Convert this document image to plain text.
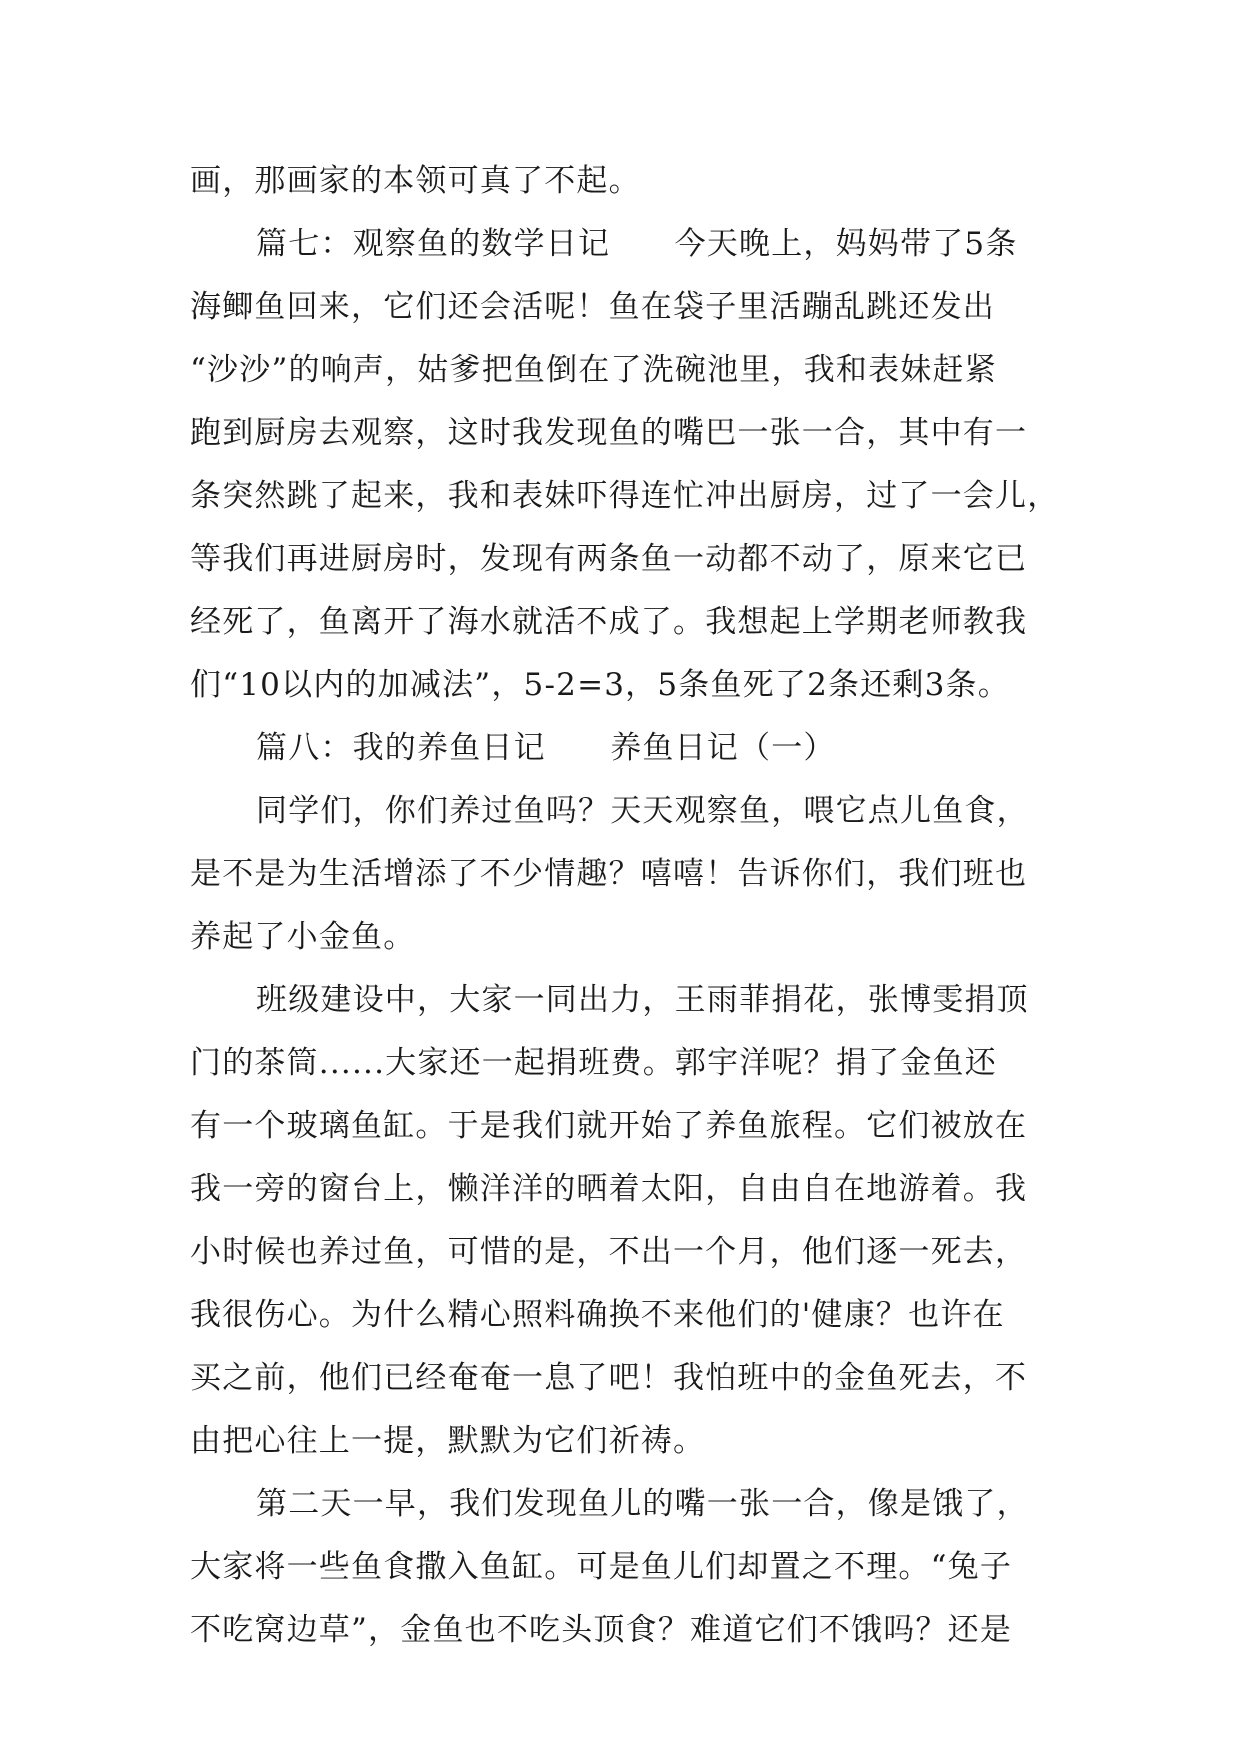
画，那画家的本领可真了不起。
篇七：观察鱼的数学日记　　今天晚上，妈妈带了5条
海鲫鱼回来，它们还会活呢！鱼在袋子里活蹦乱跳还发出
“沙沙”的响声，姑爹把鱼倒在了洗碗池里，我和表妹赶紧
跑到厨房去观察，这时我发现鱼的嘴巴一张一合，其中有一
条突然跳了起来，我和表妹吓得连忙冲出厨房，过了一会儿，
等我们再进厨房时，发现有两条鱼一动都不动了，原来它已
经死了，鱼离开了海水就活不成了。我想起上学期老师教我
们“10以内的加减法”，5-2=3，5条鱼死了2条还剩3条。
篇八：我的养鱼日记　　养鱼日记（一）
同学们，你们养过鱼吗？天天观察鱼，喂它点儿鱼食，
是不是为生活增添了不少情趣？嘻嘻！告诉你们，我们班也
养起了小金鱼。
班级建设中，大家一同出力，王雨菲捐花，张博雯捐顶
门的茶筒......大家还一起捐班费。郭宇洋呢？捐了金鱼还
有一个玻璃鱼缸。于是我们就开始了养鱼旅程。它们被放在
我一旁的窗台上，懒洋洋的晒着太阳，自由自在地游着。我
小时候也养过鱼，可惜的是，不出一个月，他们逐一死去，
我很伤心。为什么精心照料确换不来他们的'健康？也许在
买之前，他们已经奄奄一息了吧！我怕班中的金鱼死去，不
由把心往上一提，默默为它们祈祷。
第二天一早，我们发现鱼儿的嘴一张一合，像是饿了，
大家将一些鱼食撒入鱼缸。可是鱼儿们却置之不理。“兔子
不吃窝边草”，金鱼也不吃头顶食？难道它们不饿吗？还是
